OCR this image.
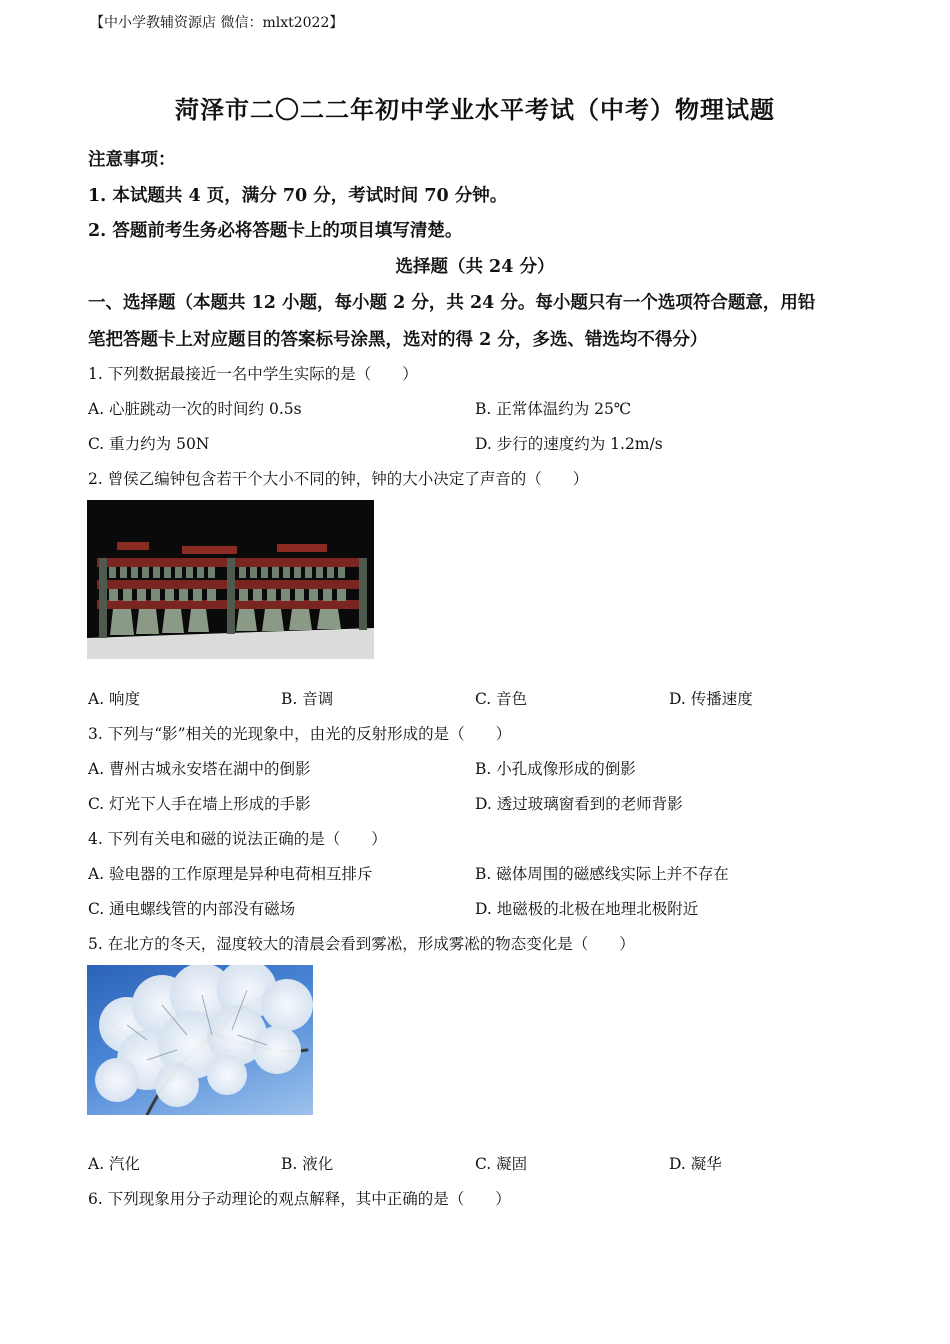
【中小学教辅资源店 微信：mlxt2022】
菏泽市二〇二二年初中学业水平考试（中考）物理试题
注意事项：
1. 本试题共 4 页，满分 70 分，考试时间 70 分钟。
2. 答题前考生务必将答题卡上的项目填写清楚。
选择题（共 24 分）
一、选择题（本题共 12 小题，每小题 2 分，共 24 分。每小题只有一个选项符合题意，用铅
笔把答题卡上对应题目的答案标号涂黑，选对的得 2 分，多选、错选均不得分）
1. 下列数据最接近一名中学生实际的是（　　）
A. 心脏跳动一次的时间约 0.5s	B. 正常体温约为 25℃
C. 重力约为 50N	D. 步行的速度约为 1.2m/s
2. 曾侯乙编钟包含若干个大小不同的钟，钟的大小决定了声音的（　　）
A. 响度	B. 音调	C. 音色	D. 传播速度
3. 下列与“影”相关的光现象中，由光的反射形成的是（　　）
A. 曹州古城永安塔在湖中的倒影	B. 小孔成像形成的倒影
C. 灯光下人手在墙上形成的手影	D. 透过玻璃窗看到的老师背影
4. 下列有关电和磁的说法正确的是（　　）
A. 验电器的工作原理是异种电荷相互排斥	B. 磁体周围的磁感线实际上并不存在
C. 通电螺线管的内部没有磁场	D. 地磁极的北极在地理北极附近
5. 在北方的冬天，湿度较大的清晨会看到雾凇，形成雾凇的物态变化是（　　）
A. 汽化	B. 液化	C. 凝固	D. 凝华
6. 下列现象用分子动理论的观点解释，其中正确的是（　　）
